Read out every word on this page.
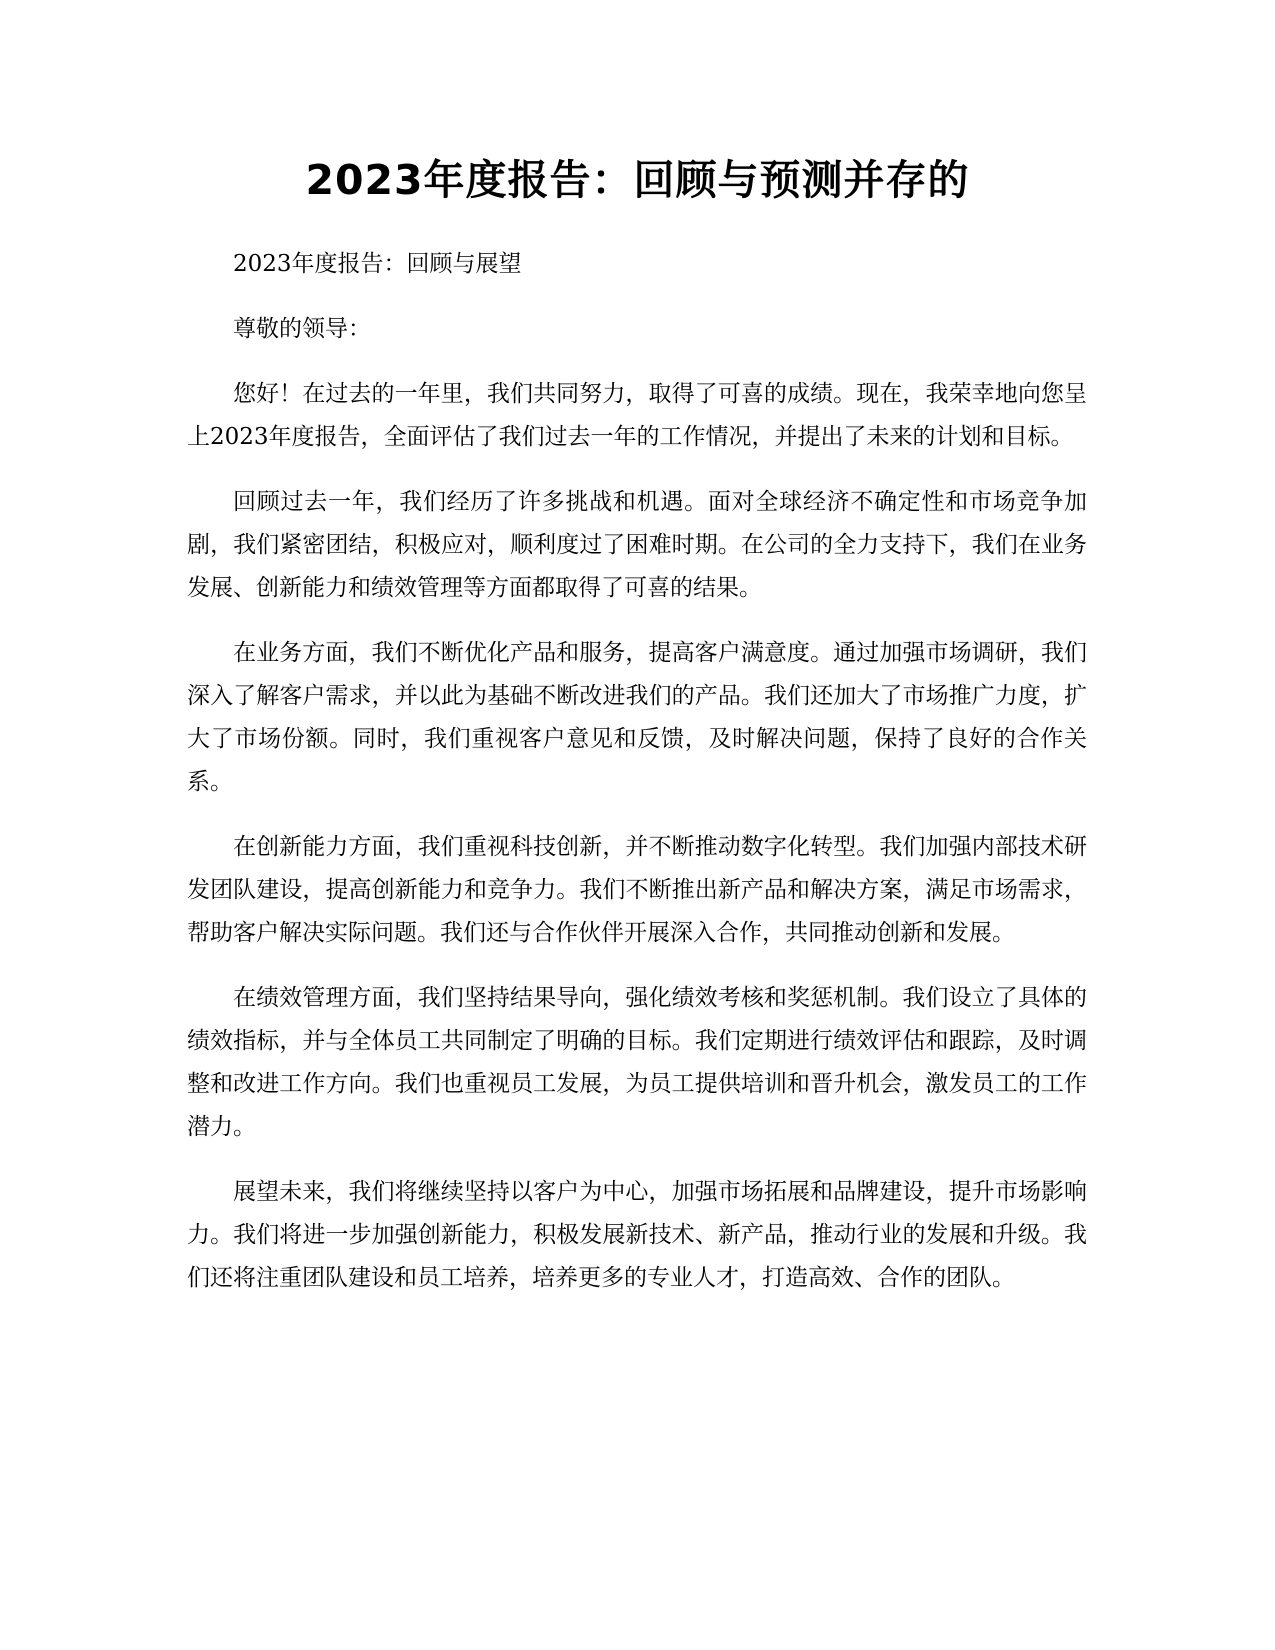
2023年度报告：回顾与预测并存的

2023年度报告：回顾与展望

尊敬的领导：

您好！在过去的一年里，我们共同努力，取得了可喜的成绩。现在，我荣幸地向您呈上2023年度报告，全面评估了我们过去一年的工作情况，并提出了未来的计划和目标。

回顾过去一年，我们经历了许多挑战和机遇。面对全球经济不确定性和市场竞争加剧，我们紧密团结，积极应对，顺利度过了困难时期。在公司的全力支持下，我们在业务发展、创新能力和绩效管理等方面都取得了可喜的结果。

在业务方面，我们不断优化产品和服务，提高客户满意度。通过加强市场调研，我们深入了解客户需求，并以此为基础不断改进我们的产品。我们还加大了市场推广力度，扩大了市场份额。同时，我们重视客户意见和反馈，及时解决问题，保持了良好的合作关系。

在创新能力方面，我们重视科技创新，并不断推动数字化转型。我们加强内部技术研发团队建设，提高创新能力和竞争力。我们不断推出新产品和解决方案，满足市场需求，帮助客户解决实际问题。我们还与合作伙伴开展深入合作，共同推动创新和发展。

在绩效管理方面，我们坚持结果导向，强化绩效考核和奖惩机制。我们设立了具体的绩效指标，并与全体员工共同制定了明确的目标。我们定期进行绩效评估和跟踪，及时调整和改进工作方向。我们也重视员工发展，为员工提供培训和晋升机会，激发员工的工作潜力。

展望未来，我们将继续坚持以客户为中心，加强市场拓展和品牌建设，提升市场影响力。我们将进一步加强创新能力，积极发展新技术、新产品，推动行业的发展和升级。我们还将注重团队建设和员工培养，培养更多的专业人才，打造高效、合作的团队。
